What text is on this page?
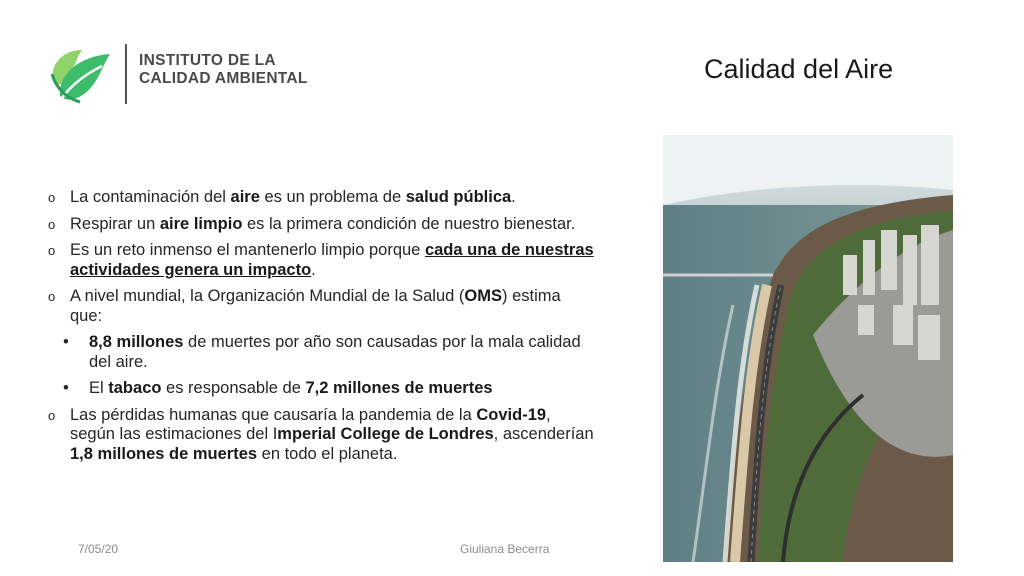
INSTITUTO DE LA
CALIDAD AMBIENTAL	Calidad del Aire
o La contaminación del aire es un problema de salud pública.
o Respirar un aire limpio es la primera condición de nuestro bienestar.
o Es un reto inmenso el mantenerlo limpio porque cada una de nuestras actividades genera un impacto.
o A nivel mundial, la Organización Mundial de la Salud (OMS) estima que:
• 8,8 millones de muertes por año son causadas por la mala calidad del aire.
• El tabaco es responsable de 7,2 millones de muertes
o Las pérdidas humanas que causaría la pandemia de la Covid-19, según las estimaciones del Imperial College de Londres, ascenderían 1,8 millones de muertes en todo el planeta.
7/05/20	Giuliana Becerra
